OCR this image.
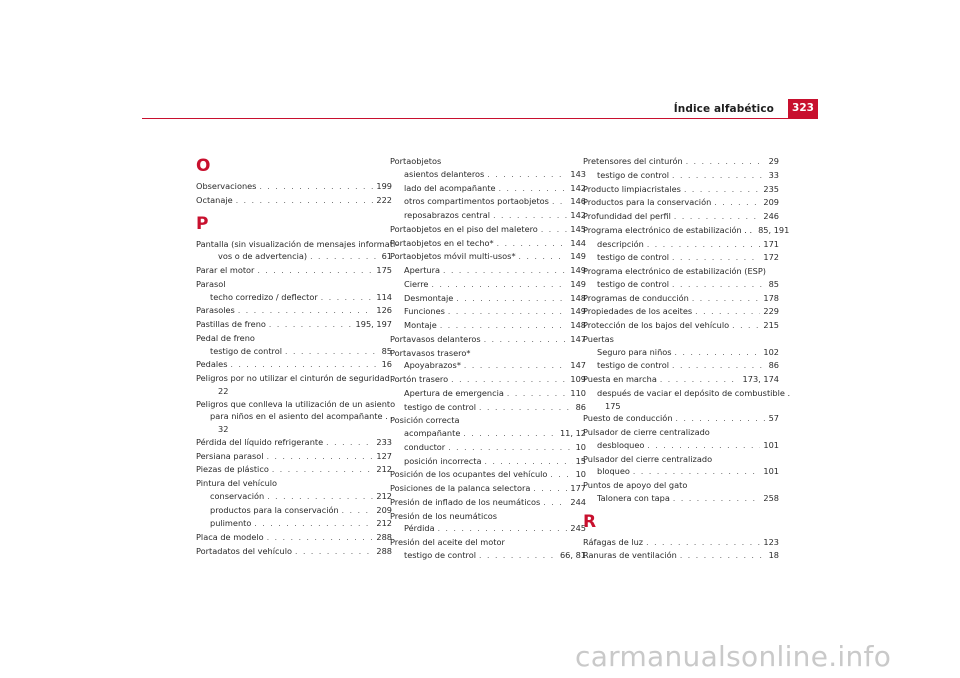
Índice alfabético	323
O
Observaciones . . .	199
Octanaje . . .	222
P
Pantalla (sin visualización de mensajes informati-
vos o de advertencia) . . .	61
Parar el motor . . .	175
Parasol
techo corredizo / deflector . . .	114
Parasoles . . .	126
Pastillas de freno . . .	195, 197
Pedal de freno
testigo de control . . .	85
Pedales . . .	16
Peligros por no utilizar el cinturón de seguridad . .
22
Peligros que conlleva la utilización de un asiento
para niños en el asiento del acompañante . .
32
Pérdida del líquido refrigerante . . .	233
Persiana parasol . . .	127
Piezas de plástico . . .	212
Pintura del vehículo
conservación . . .	212
productos para la conservación . . .	209
pulimento . . .	212
Placa de modelo . . .	288
Portadatos del vehículo . . .	288
Portaobjetos
asientos delanteros . . .	143
lado del acompañante . . .	142
otros compartimentos portaobjetos . . .	146
reposabrazos central . . .	142
Portaobjetos en el piso del maletero . . .	145
Portaobjetos en el techo* . . .	144
Portaobjetos móvil multi-usos* . . .	149
Apertura . . .	149
Cierre . . .	149
Desmontaje . . .	148
Funciones . . .	149
Montaje . . .	148
Portavasos delanteros . . .	147
Portavasos trasero*
Apoyabrazos* . . .	147
Portón trasero . . .	109
Apertura de emergencia . . .	110
testigo de control . . .	86
Posición correcta
acompañante . . .	11, 12
conductor . . .	10
posición incorrecta . . .	15
Posición de los ocupantes del vehículo . . .	10
Posiciones de la palanca selectora . . .	177
Presión de inflado de los neumáticos . . .	244
Presión de los neumáticos
Pérdida . . .	245
Presión del aceite del motor
testigo de control . . .	66, 81
Pretensores del cinturón . . .	29
testigo de control . . .	33
Producto limpiacristales . . .	235
Productos para la conservación . . .	209
Profundidad del perfil . . .	246
Programa electrónico de estabilización . . 85, 191
descripción . . .	171
testigo de control . . .	172
Programa electrónico de estabilización (ESP)
testigo de control . . .	85
Programas de conducción . . .	178
Propiedades de los aceites . . .	229
Protección de los bajos del vehículo . . .	215
Puertas
Seguro para niños . . .	102
testigo de control . . .	86
Puesta en marcha . . .	173, 174
después de vaciar el depósito de combustible .
175
Puesto de conducción . . .	57
Pulsador de cierre centralizado
desbloqueo . . .	101
Pulsador del cierre centralizado
bloqueo . . .	101
Puntos de apoyo del gato
Talonera con tapa . . .	258
R
Ráfagas de luz . . .	123
Ranuras de ventilación . . .	18
carmanualsonline.info
